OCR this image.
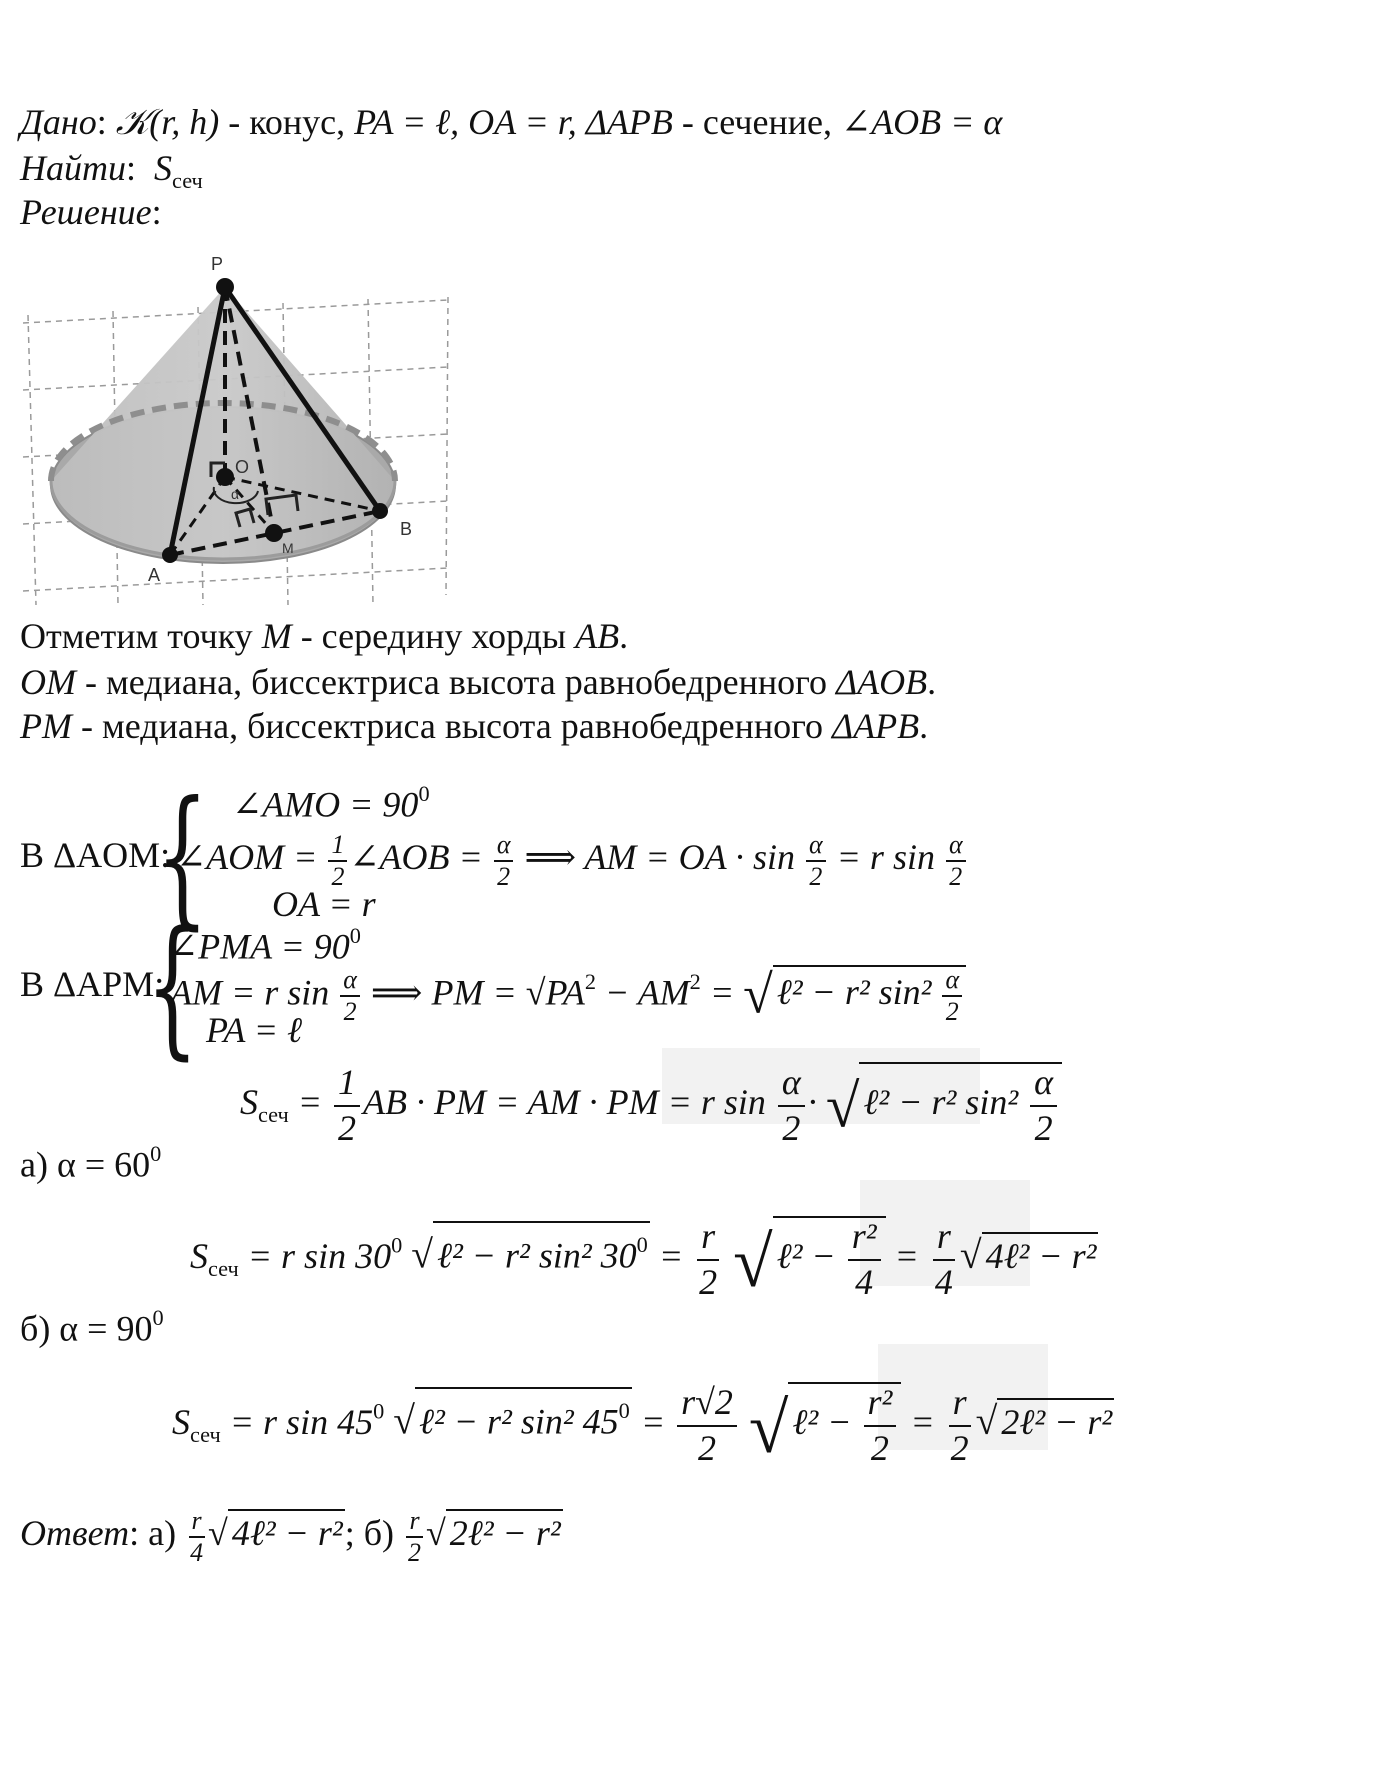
Дано: 𝒦(r, h) - конус, PA = ℓ, OA = r, ΔAPB - сечение, ∠AOB = α
Найти:  $S_{сеч}$
Решение:
P
O
α
A
B
M
Отметим точку M - середину хорды AB.
OM - медиана, биссектриса высота равнобедренного ΔAOB.
PM - медиана, биссектриса высота равнобедренного ΔAPB.
В ΔAOM:
{ ∠AMO = $90^0$
∠AOM = $\frac{1}{2}$ ∠AOB = $\frac{\alpha}{2}$ ⟹ AM = OA · $\sin \frac{\alpha}{2} = r$ $\sin \frac{\alpha}{2}$
OA = r
В ΔAPM:
{
∠PMA = $90^0$
AM = r $\sin \frac{\alpha}{2}$ ⟹ PM = $√PA^2 - AM^2$ = √ ℓ² − r² $\sin^2 \frac{\alpha}{2}$
PA = ℓ
$S_{сеч} = \frac{1}{2}$ AB · PM = AM · PM = r $\sin \frac{\alpha}{2}$ · √ ℓ² − r² $\sin^2 \frac{\alpha}{2}$
а) $\alpha = 60^0$
$S_{сеч} = r$ $\sin 30^0$ √ ℓ² − r² sin² $30^0 = \frac{r}{2}$ √ ℓ² − $\frac{\text{r²}}{4} = \frac{r}{4}$ √ 4ℓ² − r²
б) $\alpha = 90^0$
$S_{сеч} = r$ $\sin 45^0$ √ ℓ² − r² sin² $45^0 = \frac{r√2}{2}$ √ ℓ² − $\frac{\text{r²}}{2} = \frac{r}{2}$ √ 2ℓ² − r²
Ответ: $а) \frac{r}{4}$ √ 4ℓ² − r²; $б) \frac{r}{2}$ √ 2ℓ² − r²
